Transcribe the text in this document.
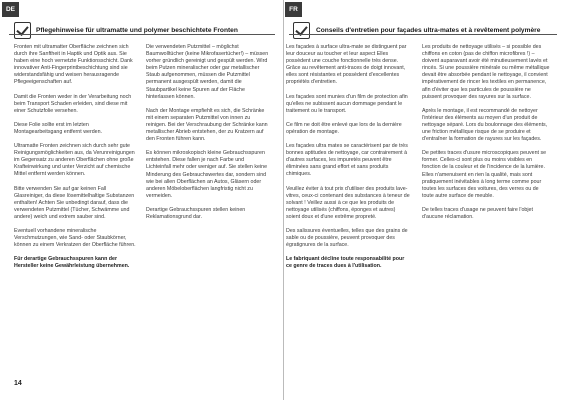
DE
Pflegehinweise für ultramatte und polymer beschichtete Fronten

Fronten mit ultramatter Oberfläche zeichnen sich durch ihre Sanftheit in Haptik und Optik aus. Sie haben eine hoch vernetzte Funktionsschicht. Dank innovativer Anti-Fingerprintbeschichtung sind sie widerstandsfähig und weisen herausragende Pflegeeigenschaften auf.

Damit die Fronten weder in der Verarbeitung noch beim Transport Schaden erleiden, sind diese mit einer Schutzfolie versehen.

Diese Folie sollte erst im letzten Montagearbeitsgang entfernt werden.

Ultramatte Fronten zeichnen sich durch sehr gute Reinigungsmöglichkeiten aus, da Verunreinigungen im Gegensatz zu anderen Oberflächen ohne große Krafteinwirkung und unter Verzicht auf chemische Mittel entfernt werden können.

Bitte verwenden Sie auf gar keinen Fall Glasreiniger, da diese lösemittelhaltige Substanzen enthalten! Achten Sie unbedingt darauf, dass die verwendeten Putzmittel (Tücher, Schwämme und andere) weich und extrem sauber sind.

Eventuell vorhandene mineralische Verschmutzungen, wie Sand- oder Staubkörner, können zu einem Verkratzen der Oberfläche führen.

Für derartige Gebrauchsspuren kann der Hersteller keine Gewährleistung übernehmen.

Die verwendeten Putzmittel – möglichst Baumwolltücher (keine Mikrofasertücher!) – müssen vorher gründlich gereinigt und gespült werden. Wird beim Putzen mineralischer oder gar metallischer Staub aufgenommen, müssen die Putzmittel permanent ausgespült werden, damit die Staubpartikel keine Spuren auf der Fläche hinterlassen können.

Nach der Montage empfiehlt es sich, die Schränke mit einem separaten Putzmittel von innen zu reinigen. Bei der Verschraubung der Schränke kann metallischer Abrieb entstehen, der zu Kratzern auf den Fronten führen kann.

Es können mikroskopisch kleine Gebrauchsspuren entstehen. Diese fallen je nach Farbe und Lichteinfall mehr oder weniger auf. Sie stellen keine Minderung des Gebrauchswertes dar, sondern sind wie bei allen Oberflächen an Autos, Gläsern oder anderen Möbeloberflächen langfristig nicht zu vermeiden.

Derartige Gebrauchsspuren stellen keinen Reklamationsgrund dar.

14
FR
Conseils d'entretien pour façades ultra-mates et à revêtement polymère

Les façades à surface ultra-mate se distinguent par leur douceur au toucher et leur aspect Elles possèdent une couche fonctionnelle très dense. Grâce au revêtement anti-traces de doigt innovant, elles sont résistantes et possèdent d'excellentes propriétés d'entretien.

Les façades sont munies d'un film de protection afin qu'elles ne subissent aucun dommage pendant le traitement ou le transport.

Ce film ne doit être enlevé que lors de la dernière opération de montage.

Les façades ultra mates se caractérisent par de très bonnes aptitudes de nettoyage, car contrairement à d'autres surfaces, les impuretés peuvent être éliminées sans grand effort et sans produits chimiques.

Veuillez éviter à tout prix d'utiliser des produits lave-vitres, ceux-ci contenant des substances à teneur de solvant ! Veillez aussi à ce que les produits de nettoyage utilisés (chiffons, éponges et autres) soient doux et d'une extrême propreté.

Des salissures éventuelles, telles que des grains de sable ou de poussière, peuvent provoquer des égratignures de la surface.

Le fabriquant décline toute responsabilité pour ce genre de traces dues à l'utilisation.

Les produits de nettoyage utilisés – si possible des chiffons en coton (pas de chiffon microfibres !) – doivent auparavant avoir été minutieusement lavés et rincés. Si une poussière minérale ou même métallique devait être absorbée pendant le nettoyage, il convient impérativement de rincer les textiles en permanence, afin d'éviter que les particules de poussière ne puissent provoquer des rayures sur la surface.

Après le montage, il est recommandé de nettoyer l'intérieur des éléments au moyen d'un produit de nettoyage séparé. Lors du boulonnage des éléments, une friction métallique risque de se produire et d'entraîner la formation de rayures sur les façades.

De petites traces d'usure microscopiques peuvent se former. Celles-ci sont plus ou moins visibles en fonction de la couleur et de l'incidence de la lumière. Elles n'amenuisent en rien la qualité, mais sont pratiquement inévitables à long terme comme pour toutes les surfaces des voitures, des verres ou de toute autre surface de meuble.

De telles traces d'usage ne peuvent faire l'objet d'aucune réclamation.
